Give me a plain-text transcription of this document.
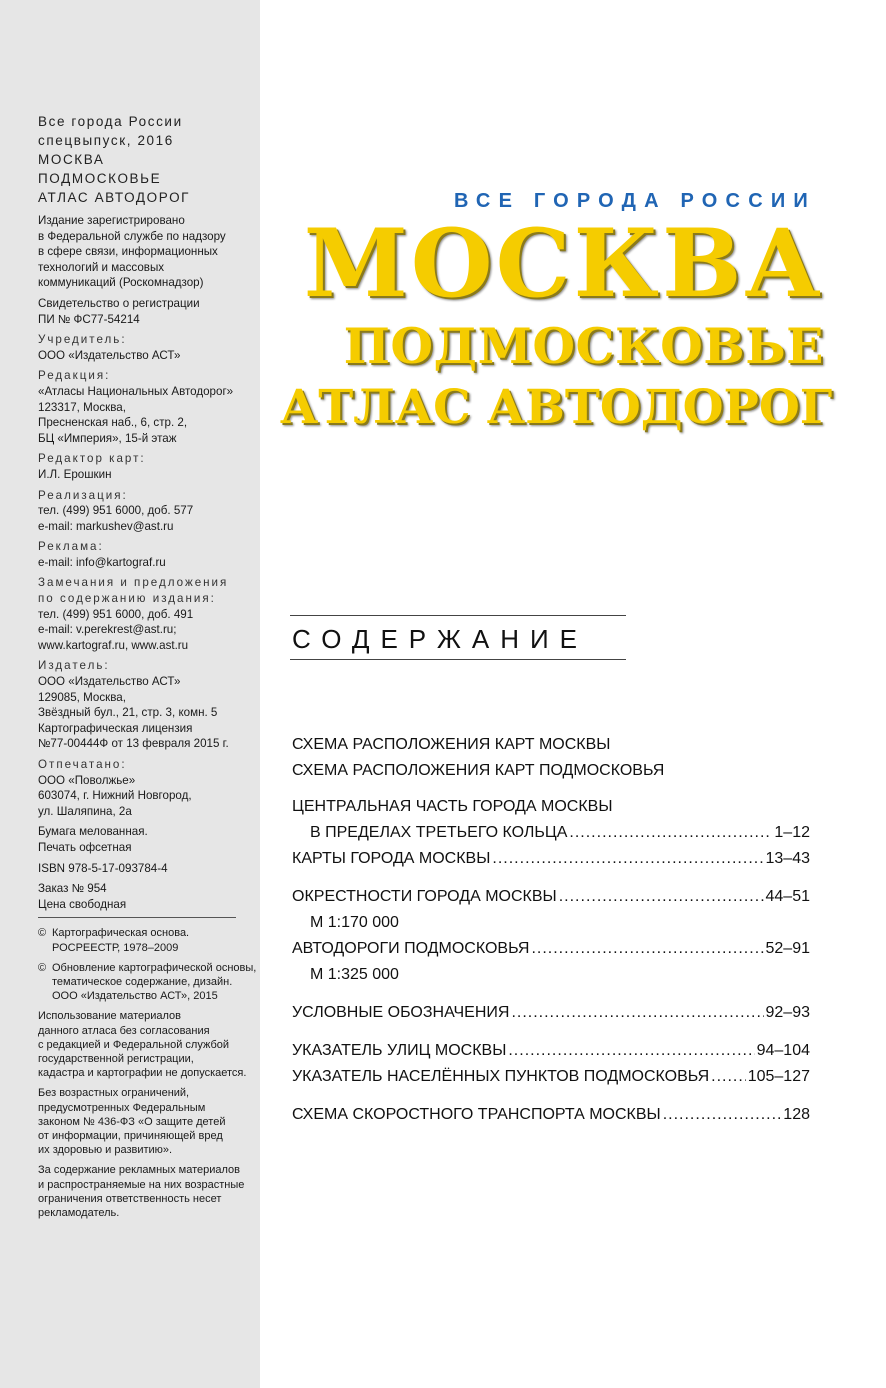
Все города России
спецвыпуск, 2016
МОСКВА
ПОДМОСКОВЬЕ
АТЛАС АВТОДОРОГ
Издание зарегистрировано
в Федеральной службе по надзору
в сфере связи, информационных
технологий и массовых
коммуникаций (Роскомнадзор)
Свидетельство о регистрации
ПИ № ФС77-54214
Учредитель:
ООО «Издательство АСТ»
Редакция:
«Атласы Национальных Автодорог»
123317, Москва,
Пресненская наб., 6, стр. 2,
БЦ «Империя», 15-й этаж
Редактор карт:
И.Л. Ерошкин
Реализация:
тел. (499) 951 6000, доб. 577
e-mail: markushev@ast.ru
Реклама:
e-mail: info@kartograf.ru
Замечания и предложения
по содержанию издания:
тел. (499) 951 6000, доб. 491
e-mail: v.perekrest@ast.ru;
www.kartograf.ru, www.ast.ru
Издатель:
ООО «Издательство АСТ»
129085, Москва,
Звёздный бул., 21, стр. 3, комн. 5
Картографическая лицензия
№77-00444Ф от 13 февраля 2015 г.
Отпечатано:
ООО «Поволжье»
603074, г. Нижний Новгород,
ул. Шаляпина, 2а
Бумага мелованная.
Печать офсетная
ISBN 978-5-17-093784-4
Заказ № 954
Цена свободная
© Картографическая основа.
РОСРЕЕСТР, 1978–2009
© Обновление картографической основы,
тематическое содержание, дизайн.
ООО «Издательство АСТ», 2015
Использование материалов
данного атласа без согласования
с редакцией и Федеральной службой
государственной регистрации,
кадастра и картографии не допускается.
Без возрастных ограничений,
предусмотренных Федеральным
законом № 436-ФЗ «О защите детей
от информации, причиняющей вред
их здоровью и развитию».
За содержание рекламных материалов
и распространяемые на них возрастные
ограничения ответственность несет
рекламодатель.
ВСЕ ГОРОДА РОССИИ
МОСКВА
ПОДМОСКОВЬЕ
АТЛАС АВТОДОРОГ
СОДЕРЖАНИЕ
СХЕМА РАСПОЛОЖЕНИЯ КАРТ МОСКВЫ
СХЕМА РАСПОЛОЖЕНИЯ КАРТ ПОДМОСКОВЬЯ
ЦЕНТРАЛЬНАЯ ЧАСТЬ ГОРОДА МОСКВЫ
В ПРЕДЕЛАХ ТРЕТЬЕГО КОЛЬЦА .....	1–12
КАРТЫ ГОРОДА МОСКВЫ .....	13–43
ОКРЕСТНОСТИ ГОРОДА МОСКВЫ .....	44–51
М 1:170 000
АВТОДОРОГИ ПОДМОСКОВЬЯ .....	52–91
М 1:325 000
УСЛОВНЫЕ ОБОЗНАЧЕНИЯ .....	92–93
УКАЗАТЕЛЬ УЛИЦ МОСКВЫ .....	94–104
УКАЗАТЕЛЬ НАСЕЛЁННЫХ ПУНКТОВ ПОДМОСКОВЬЯ ..... 105–127
СХЕМА СКОРОСТНОГО ТРАНСПОРТА МОСКВЫ .....	128
